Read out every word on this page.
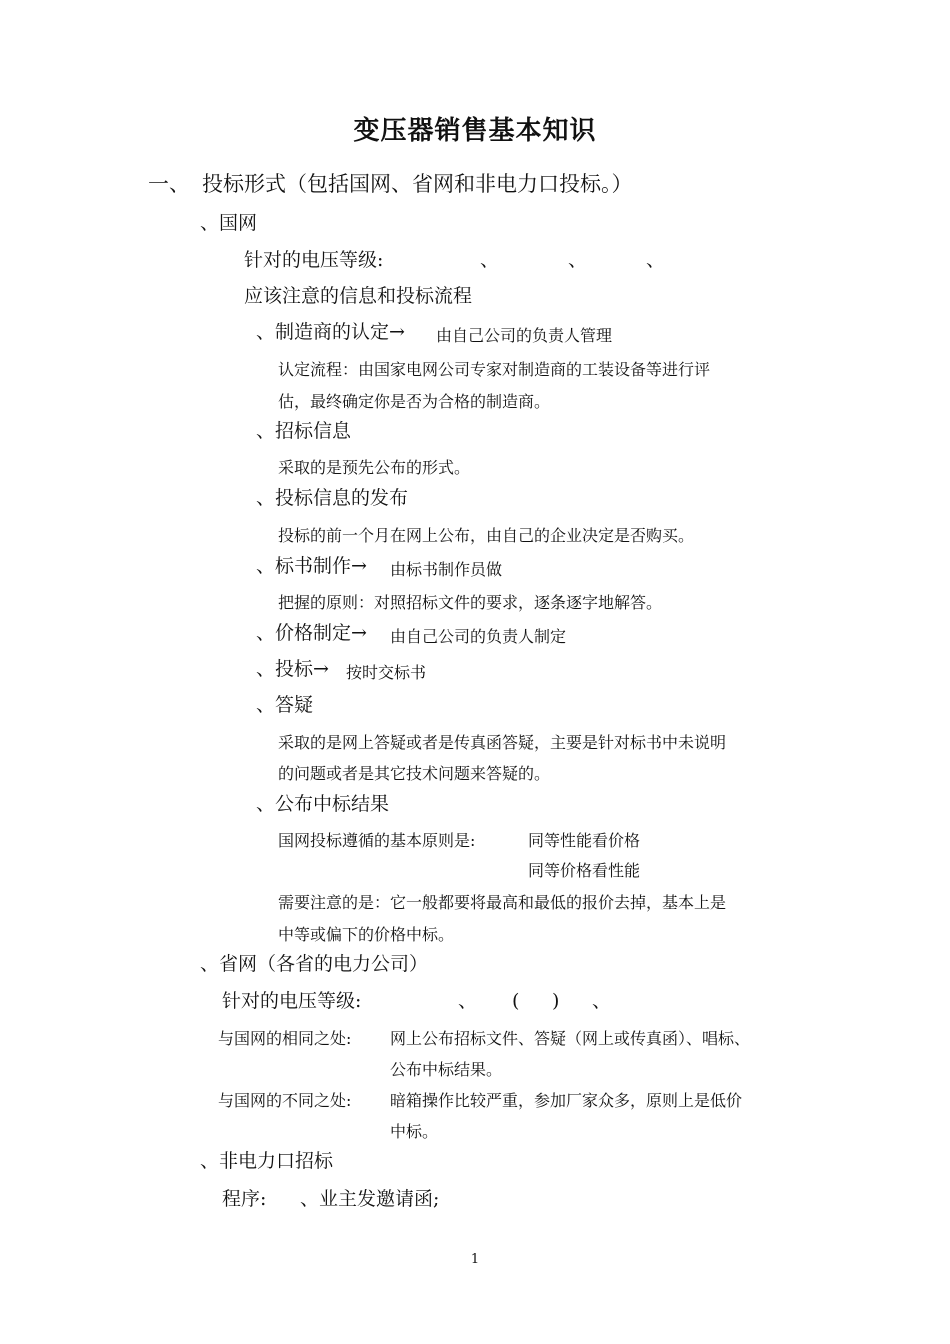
变压器销售基本知识
一、 投标形式（包括国网、省网和非电力口投标。）
、国网
针对的电压等级:	、	、	、
应该注意的信息和投标流程
、制造商的认定→ 由自己公司的负责人管理
认定流程：由国家电网公司专家对制造商的工装设备等进行评
估，最终确定你是否为合格的制造商。
、招标信息
采取的是预先公布的形式。
、投标信息的发布
投标的前一个月在网上公布，由自己的企业决定是否购买。
、标书制作→ 由标书制作员做
把握的原则：对照招标文件的要求，逐条逐字地解答。
、价格制定→ 由自己公司的负责人制定
、投标→ 按时交标书
、答疑
采取的是网上答疑或者是传真函答疑，主要是针对标书中未说明
的问题或者是其它技术问题来答疑的。
、公布中标结果
国网投标遵循的基本原则是:	同等性能看价格
同等价格看性能
需要注意的是：它一般都要将最高和最低的报价去掉，基本上是
中等或偏下的价格中标。
、省网（各省的电力公司）
针对的电压等级:	、 ( ) 、
与国网的相同之处: 网上公布招标文件、答疑（网上或传真函）、唱标、
公布中标结果。
与国网的不同之处: 暗箱操作比较严重，参加厂家众多，原则上是低价
中标。
、非电力口招标
程序: 、业主发邀请函;
1
